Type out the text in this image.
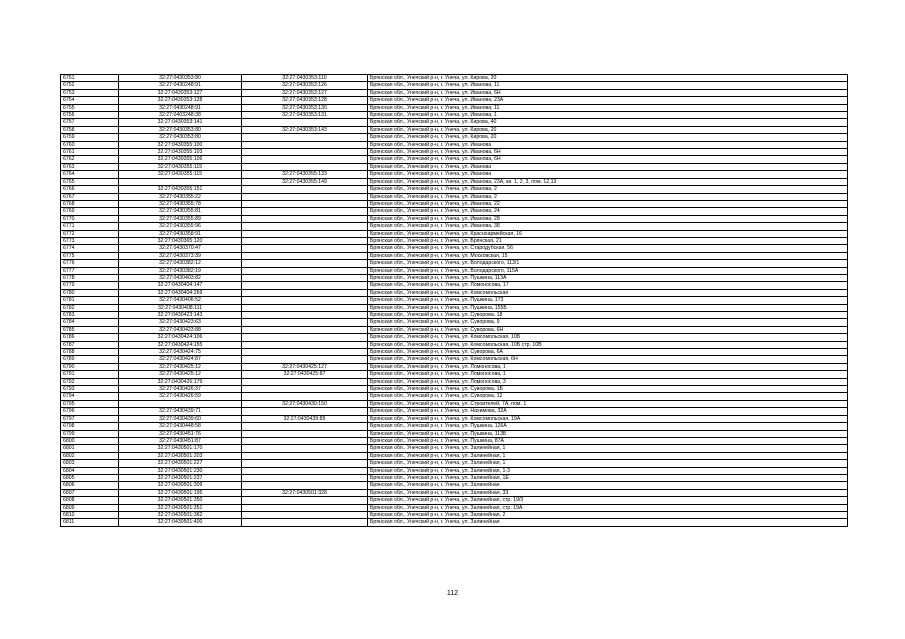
6751	32:27:0430353:80	32:27:0430353:110	Брянская обл., Унечский р-н, г. Унеча, ул. Кирова, 20
6752	32:27:0430248:91	32:27:0430353:126	Брянская обл., Унечский р-н, г. Унеча, ул. Иванова, 11
6753	32:27:0430353:127	32:27:0430353:127	Брянская обл., Унечский р-н, г. Унеча, ул. Иванова, 6Н
6754	32:27:0430353:128	32:27:0430353:128	Брянская обл., Унечский р-н, г. Унеча, ул. Иванова, 23А
6755	32:27:0430248:91	32:27:0430353:130	Брянская обл., Унечский р-н, г. Унеча, ул. Иванова, 11
6756	32:27:0403248:38	32:27:0430353:131	Брянская обл., Унечский р-н, г. Унеча, ул. Иванова, 1
6757	32:27:0430353:141		Брянская обл., Унечский р-н, г. Унеча, ул. Кирова, 40
6758	32:27:0430353:80	32:27:0430353:143	Брянская обл., Унечский р-н, г. Унеча, ул. Кирова, 20
6759	32:27:0430353:80		Брянская обл., Унечский р-н, г. Унеча, ул. Кирова, 20
6760	32:27:0430355:100		Брянская обл., Унечский р-н, г. Унеча, ул. Иванова
6761	32:27:0430355:103		Брянская обл., Унечский р-н, г. Унеча, ул. Иванова, 6Н
6762	32:27:0430355:106		Брянская обл., Унечский р-н, г. Унеча, ул. Иванова, 6Н
6763	32:27:0430355:115		Брянская обл., Унечский р-н, г. Унеча, ул. Иванова
6764	32:27:0430355:115	32:27:0430355:133	Брянская обл., Унечский р-н, г. Унеча, ул. Иванова
6765		32:27:0430355:149	Брянская обл., Унечский р-н, г. Унеча, ул. Иванова, 23А, кв. 1, 2, 3, пом. 12,13
6766	32:27:0430355:151		Брянская обл., Унечский р-н, г. Унеча, ул. Иванова, 2
6767	32:27:0430355:22		Брянская обл., Унечский р-н, г. Унеча, ул. Иванова, 2
6768	32:27:0430355:78		Брянская обл., Унечский р-н, г. Унеча, ул. Иванова, 22
6769	32:27:0430355:81		Брянская обл., Унечский р-н, г. Унеча, ул. Иванова, 24
6770	32:27:0430355:89		Брянская обл., Унечский р-н, г. Унеча, ул. Иванова, 28
6771	32:27:0430355:96		Брянская обл., Унечский р-н, г. Унеча, ул. Иванова, 38
6772	32:27:0430358:91		Брянская обл., Унечский р-н, г. Унеча, ул. Красноармейская, 16
6773	32:27:0430365:120		Брянская обл., Унечский р-н, г. Унеча, ул. Брянская, 21
6774	32:27:0430370:47		Брянская обл., Унечский р-н, г. Унеча, ул. Стародубская, 56
6775	32:27:0430373:39		Брянская обл., Унечский р-н, г. Унеча, ул. Московская, 15
6776	32:27:0430382:12		Брянская обл., Унечский р-н, г. Унеча, ул. Володарского, 113/1
6777	32:27:0430382:19		Брянская обл., Унечский р-н, г. Унеча, ул. Володарского, 115А
6778	32:27:0430403:82		Брянская обл., Унечский р-н, г. Унеча, ул. Пушкина, 113А
6779	32:27:0430404:147		Брянская обл., Унечский р-н, г. Унеча, ул. Ломоносова, 17
6780	32:27:0430404:269		Брянская обл., Унечский р-н, г. Унеча, ул. Комсомольская
6781	32:27:0430406:52		Брянская обл., Унечский р-н, г. Унеча, ул. Пушкина, 173
6782	32:27:0430408:111		Брянская обл., Унечский р-н, г. Унеча, ул. Пушкина, 155Б
6783	32:27:0430423:143		Брянская обл., Унечский р-н, г. Унеча, ул. Суворова, 18
6784	32:27:0430423:63		Брянская обл., Унечский р-н, г. Унеча, ул. Суворова, 9
6785	32:27:0430423:88		Брянская обл., Унечский р-н, г. Унеча, ул. Суворова, 6Н
6786	32:27:0430424:106		Брянская обл., Унечский р-н, г. Унеча, ул. Комсомольская, 10Б
6787	32:27:0430424:155		Брянская обл., Унечский р-н, г. Унеча, ул. Комсомольская, 10Б стр. 10В
6788	32:27:0430424:75		Брянская обл., Унечский р-н, г. Унеча, ул. Суворова, 6А
6789	32:27:0430424:87		Брянская обл., Унечский р-н, г. Унеча, ул. Комсомольская, 6Н
6790	32:27:0430425:12	32:27:0430425:127	Брянская обл., Унечский р-н, г. Унеча, ул. Ломоносова, 1
6791	32:27:0430425:12	32:27:0430425:87	Брянская обл., Унечский р-н, г. Унеча, ул. Ломоносова, 1
6792	32:27:0430426:179		Брянская обл., Унечский р-н, г. Унеча, ул. Ломоносова, 3
6793	32:27:0430426:37		Брянская обл., Унечский р-н, г. Унеча, ул. Суворова, 1Б
6794	32:27:0430426:59		Брянская обл., Унечский р-н, г. Унеча, ул. Суворова, 12
6795		32:27:0430430:150	Брянская обл., Унечский р-н, г. Унеча, ул. Строителей, 7А, пом. 1
6796	32:27:0430439:71		Брянская обл., Унечский р-н, г. Унеча, ул. Нахимова, 32А
6797	32:27:0430439:60	32:27:0430439:89	Брянская обл., Унечский р-н, г. Унеча, ул. Комсомольская, 19А
6798	32:27:0430448:58		Брянская обл., Унечский р-н, г. Унеча, ул. Пушкина, 126А
6799	32:27:0430451:76		Брянская обл., Унечский р-н, г. Унеча, ул. Пушкина, 113Б
6800	32:27:0430451:87		Брянская обл., Унечский р-н, г. Унеча, ул. Пушкина, 87А
6801	32:27:0430501:170		Брянская обл., Унечский р-н, г. Унеча, ул. Залинейная, 1
6802	32:27:0430501:203		Брянская обл., Унечский р-н, г. Унеча, ул. Залинейная, 1
6803	32:27:0430501:227		Брянская обл., Унечский р-н, г. Унеча, ул. Залинейная, 1
6804	32:27:0430501:230		Брянская обл., Унечский р-н, г. Унеча, ул. Залинейная, 1-3
6805	32:27:0430501:237		Брянская обл., Унечский р-н, г. Унеча, ул. Залинейная, 1Е
6806	32:27:0430501:309		Брянская обл., Унечский р-н, г. Унеча, ул. Залинейная
6807	32:27:0430501:195	32:27:0430501:328	Брянская обл., Унечский р-н, г. Унеча, ул. Залинейная, 33
6808	32:27:0430501:350		Брянская обл., Унечский р-н, г. Унеча, ул. Залинейная, стр. 19/3
6809	32:27:0430501:351		Брянская обл., Унечский р-н, г. Унеча, ул. Залинейная, стр. 19А
6810	32:27:0430501:382		Брянская обл., Унечский р-н, г. Унеча, ул. Залинейная, 2
6811	32:27:0430501:400		Брянская обл., Унечский р-н, г. Унеча, ул. Залинейная
112
